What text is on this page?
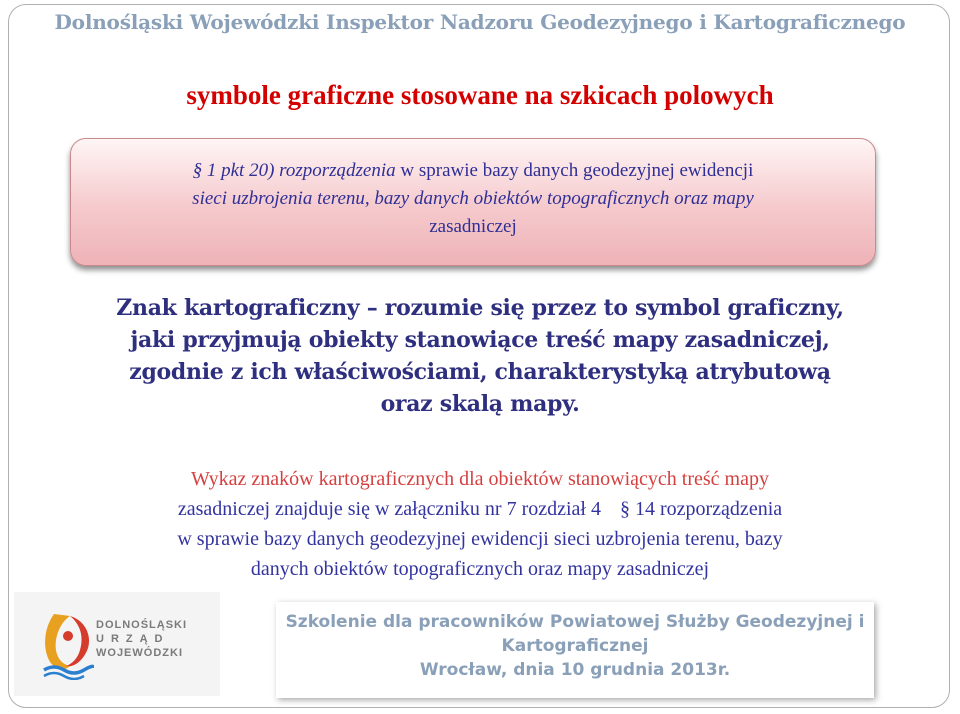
Dolnośląski Wojewódzki Inspektor Nadzoru Geodezyjnego i Kartograficznego
symbole graficzne stosowane na szkicach polowych
§ 1 pkt 20) rozporządzenia w sprawie bazy danych geodezyjnej ewidencji
sieci uzbrojenia terenu, bazy danych obiektów topograficznych oraz mapy
zasadniczej
Znak kartograficzny – rozumie się przez to symbol graficzny,
jaki przyjmują obiekty stanowiące treść mapy zasadniczej,
zgodnie z ich właściwościami, charakterystyką atrybutową
oraz skalą mapy.
Wykaz znaków kartograficznych dla obiektów stanowiących treść mapy
zasadniczej znajduje się w załączniku nr 7 rozdział 4 § 14 rozporządzenia
w sprawie bazy danych geodezyjnej ewidencji sieci uzbrojenia terenu, bazy
danych obiektów topograficznych oraz mapy zasadniczej
DOLNOŚLĄSKI
URZĄD
WOJEWÓDZKI
Szkolenie dla pracowników Powiatowej Służby Geodezyjnej i
Kartograficznej
Wrocław, dnia 10 grudnia 2013r.
